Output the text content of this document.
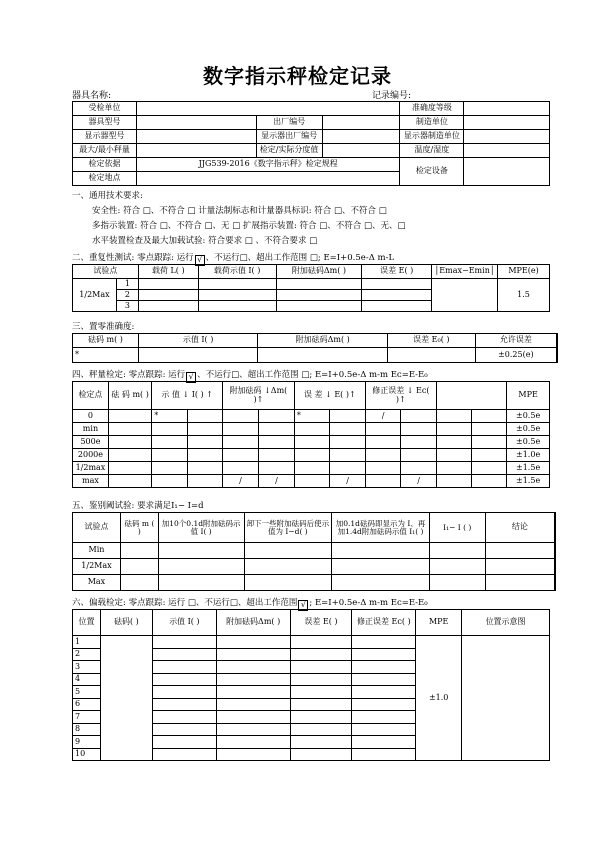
数字指示秤检定记录
器具名称:	记录编号:
受检单位				准确度等级	
器具型号		出厂编号		制造单位	
显示器型号		显示器出厂编号		显示器制造单位	
最大/最小秤量		检定/实际分度值		温度/湿度	
检定依据	JJG539-2016《数字指示秤》检定规程			检定设备	
检定地点					
一、通用技术要求:
安全性: 符合 □、不符合 □ 计量法制标志和计量器具标识: 符合 □、不符合 □
多指示装置: 符合 □、不符合 □、无 □ 扩展指示装置: 符合 □、不符合 □、无、□
水平装置检查及最大加载试验: 符合要求 □ 、不符合要求 □
二、重复性测试: 零点跟踪: 运行 √ 、不运行□、超出工作范围 □; E=I+0.5e-Δ m-L
试验点		载荷 L( )	载荷示值 I( )	附加砝码Δm( )	误差 E( )	│Emax−Emin│	MPE(e)
1/2Max	1						1.5
	2						
	3						
三、置零准确度:
砝码 m( )	示值 I( )	附加砝码Δm( )	误差 E₀( )	允许误差
*				±0.25(e)
四、秤量检定: 零点跟踪: 运行 √ 、不运行□、超出工作范围 □; E=I+0.5e-Δ m-m Eᴄ=E-E₀
检定点	砝 码 m( )	示 值 ↓ I( ) ↑		附加砝码 ↓Δm( )↑		误 差 ↓ E( )↑		修正误差 ↓ Eᴄ( )↑				MPE
0		*				*		/				±0.5e
min												±0.5e
500e												±0.5e
2000e												±1.0e
1/2max												±1.5e
max				/	/		/		/			±1.5e
五、鉴别阈试验: 要求满足I₁− I=d
试验点	砝码 m ( )	加10个0.1d附加砝码示值 I( )	卸下一些附加砝码后使示值为 I−d( )	加0.1d砝码即显示为 I、再加1.4d附加砝码示值 I₁( )	I₁− I ( )	结论
Min						
1/2Max						
Max						
六、偏载检定: 零点跟踪: 运行 □、不运行□、超出工作范围 √ ; E=I+0.5e-Δ m-m Eᴄ=E-E₀
位置	砝码( )	示值 I( )	附加砝码Δm( )	误差 E( )	修正误差 Eᴄ( )	MPE	位置示意图
1						±1.0	
2							
3							
4							
5							
6							
7							
8							
9							
10							
